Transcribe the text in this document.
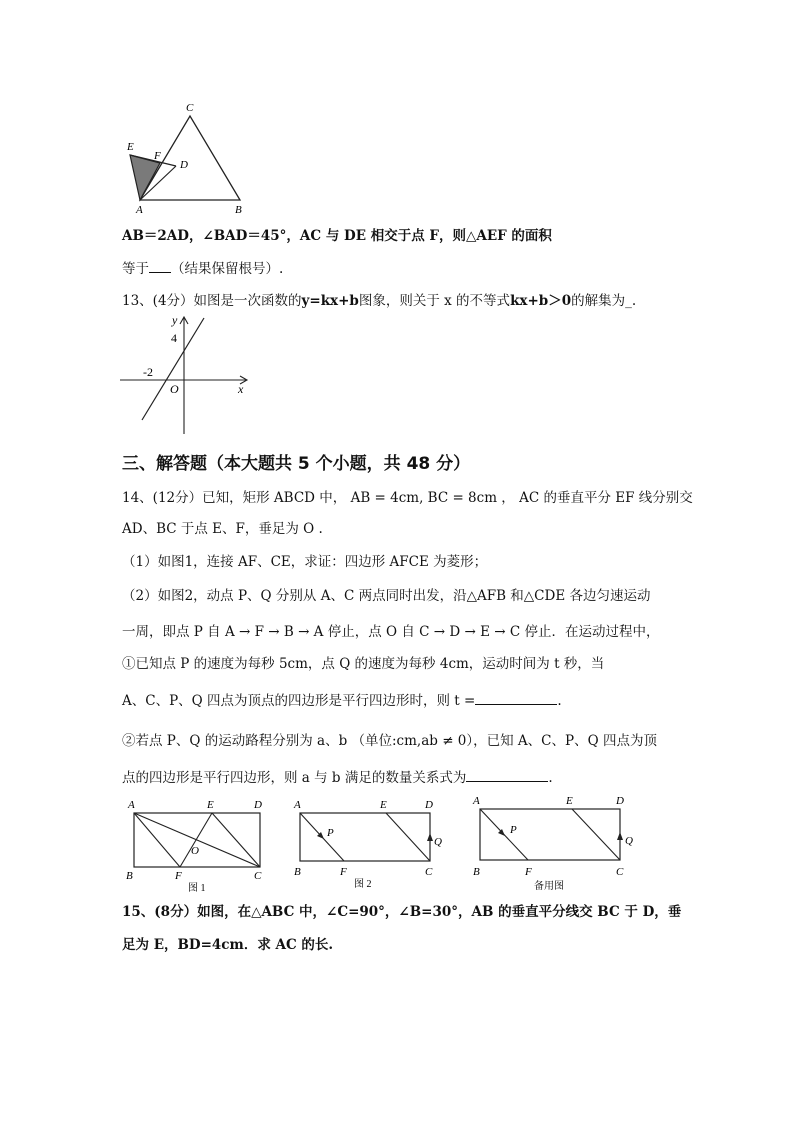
C
E
F
D
A	B
AB＝2AD，∠BAD＝45°，AC 与 DE 相交于点 F，则△AEF 的面积
等于 （结果保留根号）.
13、(4分）如图是一次函数的y=kx+b图象，则关于 x 的不等式kx+b＞0的解集为_.
y
4
-2
O	x
三、解答题（本大题共 5 个小题，共 48 分）
14、(12分）已知，矩形 ABCD 中， AB = 4cm, BC = 8cm ， AC 的垂直平分 EF 线分别交
AD、BC 于点 E、F，垂足为 O .
（1）如图1，连接 AF、CE，求证：四边形 AFCE 为菱形；
（2）如图2，动点 P、Q 分别从 A、C 两点同时出发，沿△AFB 和△CDE 各边匀速运动
一周，即点 P 自 A → F → B → A 停止，点 O 自 C → D → E → C 停止．在运动过程中，
①已知点 P 的速度为每秒 5cm，点 Q 的速度为每秒 4cm，运动时间为 t 秒，当
A、C、P、Q 四点为顶点的四边形是平行四边形时，则 t =	.
②若点 P、Q 的运动路程分别为 a、b （单位:cm,ab ≠ 0），已知 A、C、P、Q 四点为顶
点的四边形是平行四边形，则 a 与 b 满足的数量关系式为	.
A	E	D
B	F	C
O
图 1
A	E	D
P
Q
B	F	C
图 2
A	E	D
P
Q
B	F	C
备用图
15、(8分）如图，在△ABC 中，∠C=90°，∠B=30°，AB 的垂直平分线交 BC 于 D，垂
足为 E，BD=4cm．求 AC 的长.
